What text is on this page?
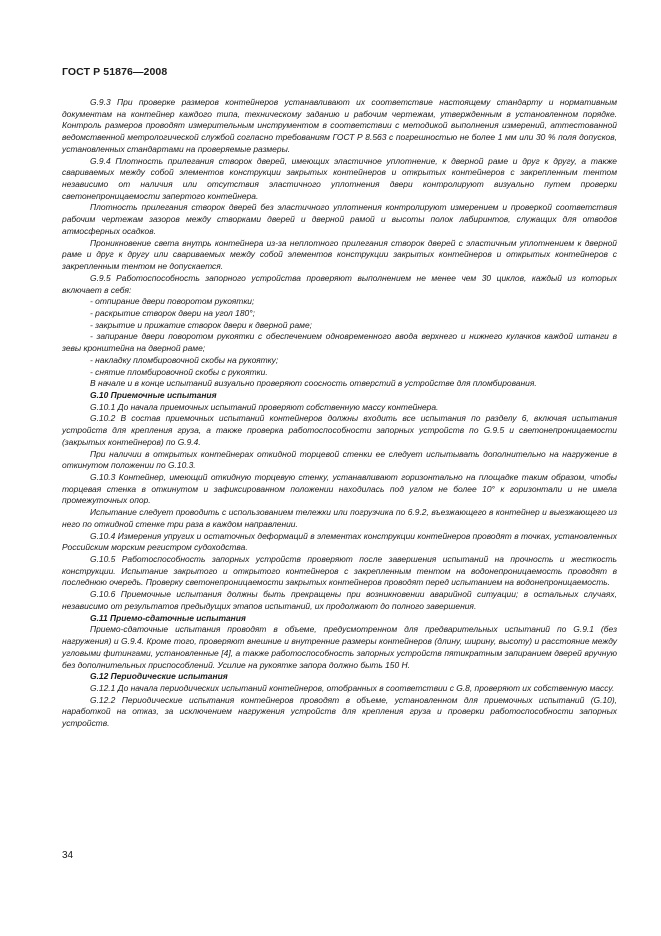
ГОСТ Р 51876—2008

G.9.3 При проверке размеров контейнеров устанавливают их соответствие настоящему стандарту и нормативным документам на контейнер каждого типа, техническому заданию и рабочим чертежам, утвержденным в установленном порядке. Контроль размеров проводят измерительным инструментом в соответствии с методикой выполнения измерений, аттестованной ведомственной метрологической службой согласно требованиям ГОСТ Р 8.563 с погрешностью не более 1 мм или 30 % поля допусков, установленных стандартами на проверяемые размеры.

G.9.4 Плотность прилегания створок дверей, имеющих эластичное уплотнение, к дверной раме и друг к другу, а также свариваемых между собой элементов конструкции закрытых контейнеров и открытых контейнеров с закрепленным тентом независимо от наличия или отсутствия эластичного уплотнения двери контролируют визуально путем проверки светонепроницаемости запертого контейнера.

Плотность прилегания створок дверей без эластичного уплотнения контролируют измерением и проверкой соответствия рабочим чертежам зазоров между створками дверей и дверной рамой и высоты полок лабиринтов, служащих для отводов атмосферных осадков.

Проникновение света внутрь контейнера из-за неплотного прилегания створок дверей с эластичным уплотнением к дверной раме и друг к другу или свариваемых между собой элементов конструкции закрытых контейнеров и открытых контейнеров с закрепленным тентом не допускается.

G.9.5 Работоспособность запорного устройства проверяют выполнением не менее чем 30 циклов, каждый из которых включает в себя:

- отпирание двери поворотом рукоятки;

- раскрытие створок двери на угол 180°;

- закрытие и прижатие створок двери к дверной раме;

- запирание двери поворотом рукоятки с обеспечением одновременного ввода верхнего и нижнего кулачков каждой штанги в зевы кронштейна на дверной раме;

- накладку пломбировочной скобы на рукоятку;

- снятие пломбировочной скобы с рукоятки.

В начале и в конце испытаний визуально проверяют соосность отверстий в устройстве для пломбирования.

G.10 Приемочные испытания

G.10.1 До начала приемочных испытаний проверяют собственную массу контейнера.

G.10.2 В состав приемочных испытаний контейнеров должны входить все испытания по разделу 6, включая испытания устройств для крепления груза, а также проверка работоспособности запорных устройств по G.9.5 и светонепроницаемости (закрытых контейнеров) по G.9.4.

При наличии в открытых контейнерах откидной торцевой стенки ее следует испытывать дополнительно на нагружение в откинутом положении по G.10.3.

G.10.3 Контейнер, имеющий откидную торцевую стенку, устанавливают горизонтально на площадке таким образом, чтобы торцевая стенка в откинутом и зафиксированном положении находилась под углом не более 10° к горизонтали и не имела промежуточных опор.

Испытание следует проводить с использованием тележки или погрузчика по 6.9.2, въезжающего в контейнер и выезжающего из него по откидной стенке три раза в каждом направлении.

G.10.4 Измерения упругих и остаточных деформаций в элементах конструкции контейнеров проводят в точках, установленных Российским морским регистром судоходства.

G.10.5 Работоспособность запорных устройств проверяют после завершения испытаний на прочность и жесткость конструкции. Испытание закрытого и открытого контейнеров с закрепленным тентом на водонепроницаемость проводят в последнюю очередь. Проверку светонепроницаемости закрытых контейнеров проводят перед испытанием на водонепроницаемость.

G.10.6 Приемочные испытания должны быть прекращены при возникновении аварийной ситуации; в остальных случаях, независимо от результатов предыдущих этапов испытаний, их продолжают до полного завершения.

G.11 Приемо-сдаточные испытания

Приемо-сдаточные испытания проводят в объеме, предусмотренном для предварительных испытаний по G.9.1 (без нагружения) и G.9.4. Кроме того, проверяют внешние и внутренние размеры контейнеров (длину, ширину, высоту) и расстояние между угловыми фитингами, установленные [4], а также работоспособность запорных устройств пятикратным запиранием дверей вручную без дополнительных приспособлений. Усилие на рукоятке запора должно быть 150 Н.

G.12 Периодические испытания

G.12.1 До начала периодических испытаний контейнеров, отобранных в соответствии с G.8, проверяют их собственную массу.

G.12.2 Периодические испытания контейнеров проводят в объеме, установленном для приемочных испытаний (G.10), наработкой на отказ, за исключением нагружения устройств для крепления груза и проверки работоспособности запорных устройств.

34
